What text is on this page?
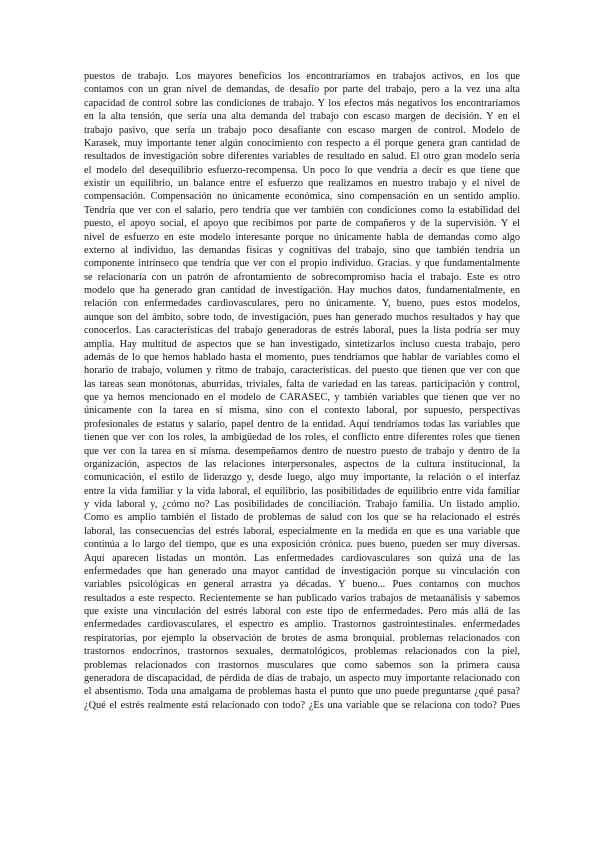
puestos de trabajo. Los mayores beneficios los encontraríamos en trabajos activos, en los que
contamos con un gran nivel de demandas, de desafío por parte del trabajo, pero a la vez una alta
capacidad de control sobre las condiciones de trabajo. Y los efectos más negativos los encontraríamos
en la alta tensión, que sería una alta demanda del trabajo con escaso margen de decisión. Y en el
trabajo pasivo, que sería un trabajo poco desafiante con escaso margen de control. Modelo de
Karasek, muy importante tener algún conocimiento con respecto a él porque genera gran cantidad de
resultados de investigación sobre diferentes variables de resultado en salud. El otro gran modelo sería
el modelo del desequilibrio esfuerzo-recompensa. Un poco lo que vendría a decir es que tiene que
existir un equilibrio, un balance entre el esfuerzo que realizamos en nuestro trabajo y el nivel de
compensación. Compensación no únicamente económica, sino compensación en un sentido amplio.
Tendría que ver con el salario, pero tendría que ver también con condiciones como la estabilidad del
puesto, el apoyo social, el apoyo que recibimos por parte de compañeros y de la supervisión. Y el
nivel de esfuerzo en este modelo interesante porque no únicamente habla de demandas como algo
externo al individuo, las demandas físicas y cognitivas del trabajo, sino que también tendría un
componente intrínseco que tendría que ver con el propio individuo. Gracias. y que fundamentalmente
se relacionaría con un patrón de afrontamiento de sobrecompromiso hacia el trabajo. Este es otro
modelo que ha generado gran cantidad de investigación. Hay muchos datos, fundamentalmente, en
relación con enfermedades cardiovasculares, pero no únicamente. Y, bueno, pues estos modelos,
aunque son del ámbito, sobre todo, de investigación, pues han generado muchos resultados y hay que
conocerlos. Las características del trabajo generadoras de estrés laboral, pues la lista podría ser muy
amplia. Hay multitud de aspectos que se han investigado, sintetizarlos incluso cuesta trabajo, pero
además de lo que hemos hablado hasta el momento, pues tendríamos que hablar de variables como el
horario de trabajo, volumen y ritmo de trabajo, características. del puesto que tienen que ver con que
las tareas sean monótonas, aburridas, triviales, falta de variedad en las tareas. participación y control,
que ya hemos mencionado en el modelo de CARASEC, y también variables que tienen que ver no
únicamente con la tarea en sí misma, sino con el contexto laboral, por supuesto, perspectivas
profesionales de estatus y salario, papel dentro de la entidad. Aquí tendríamos todas las variables que
tienen que ver con los roles, la ambigüedad de los roles, el conflicto entre diferentes roles que tienen
que ver con la tarea en sí misma. desempeñamos dentro de nuestro puesto de trabajo y dentro de la
organización, aspectos de las relaciones interpersonales, aspectos de la cultura institucional, la
comunicación, el estilo de liderazgo y, desde luego, algo muy importante, la relación o el interfaz
entre la vida familiar y la vida laboral, el equilibrio, las posibilidades de equilibrio entre vida familiar
y vida laboral y, ¿cómo no? Las posibilidades de conciliación. Trabajo familia. Un listado amplio.
Como es amplio también el listado de problemas de salud con los que se ha relacionado el estrés
laboral, las consecuencias del estrés laboral, especialmente en la medida en que es una variable que
continúa a lo largo del tiempo, que es una exposición crónica. pues bueno, pueden ser muy diversas.
Aquí aparecen listadas un montón. Las enfermedades cardiovasculares son quizá una de las
enfermedades que han generado una mayor cantidad de investigación porque su vinculación con
variables psicológicas en general arrastra ya décadas. Y bueno... Pues contamos con muchos
resultados a este respecto. Recientemente se han publicado varios trabajos de metaanálisis y sabemos
que existe una vinculación del estrés laboral con este tipo de enfermedades. Pero más allá de las
enfermedades cardiovasculares, el espectro es amplio. Trastornos gastrointestinales. enfermedades
respiratorias, por ejemplo la observación de brotes de asma bronquial. problemas relacionados con
trastornos endocrinos, trastornos sexuales, dermatológicos, problemas relacionados con la piel,
problemas relacionados con trastornos musculares que como sabemos son la primera causa
generadora de discapacidad, de pérdida de días de trabajo, un aspecto muy importante relacionado con
el absentismo. Toda una amalgama de problemas hasta el punto que uno puede preguntarse ¿qué pasa?
¿Qué el estrés realmente está relacionado con todo? ¿Es una variable que se relaciona con todo? Pues
